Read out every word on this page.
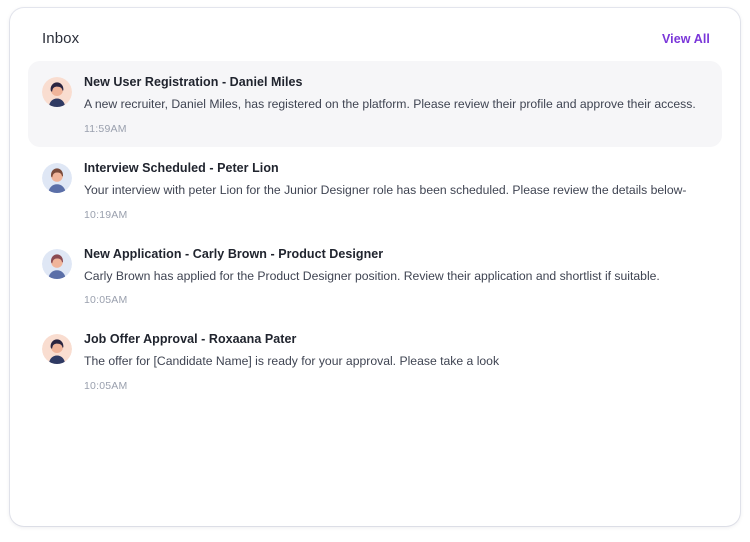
Inbox	View All
New User Registration - Daniel Miles
A new recruiter, Daniel Miles, has registered on the platform. Please review their profile and approve their access.
11:59AM
Interview Scheduled - Peter Lion
Your interview with peter Lion for the Junior Designer role has been scheduled. Please review the details below-
10:19AM
New Application - Carly Brown - Product Designer
Carly Brown has applied for the Product Designer position. Review their application and shortlist if suitable.
10:05AM
Job Offer Approval - Roxaana Pater
The offer for [Candidate Name] is ready for your approval. Please take a look
10:05AM
